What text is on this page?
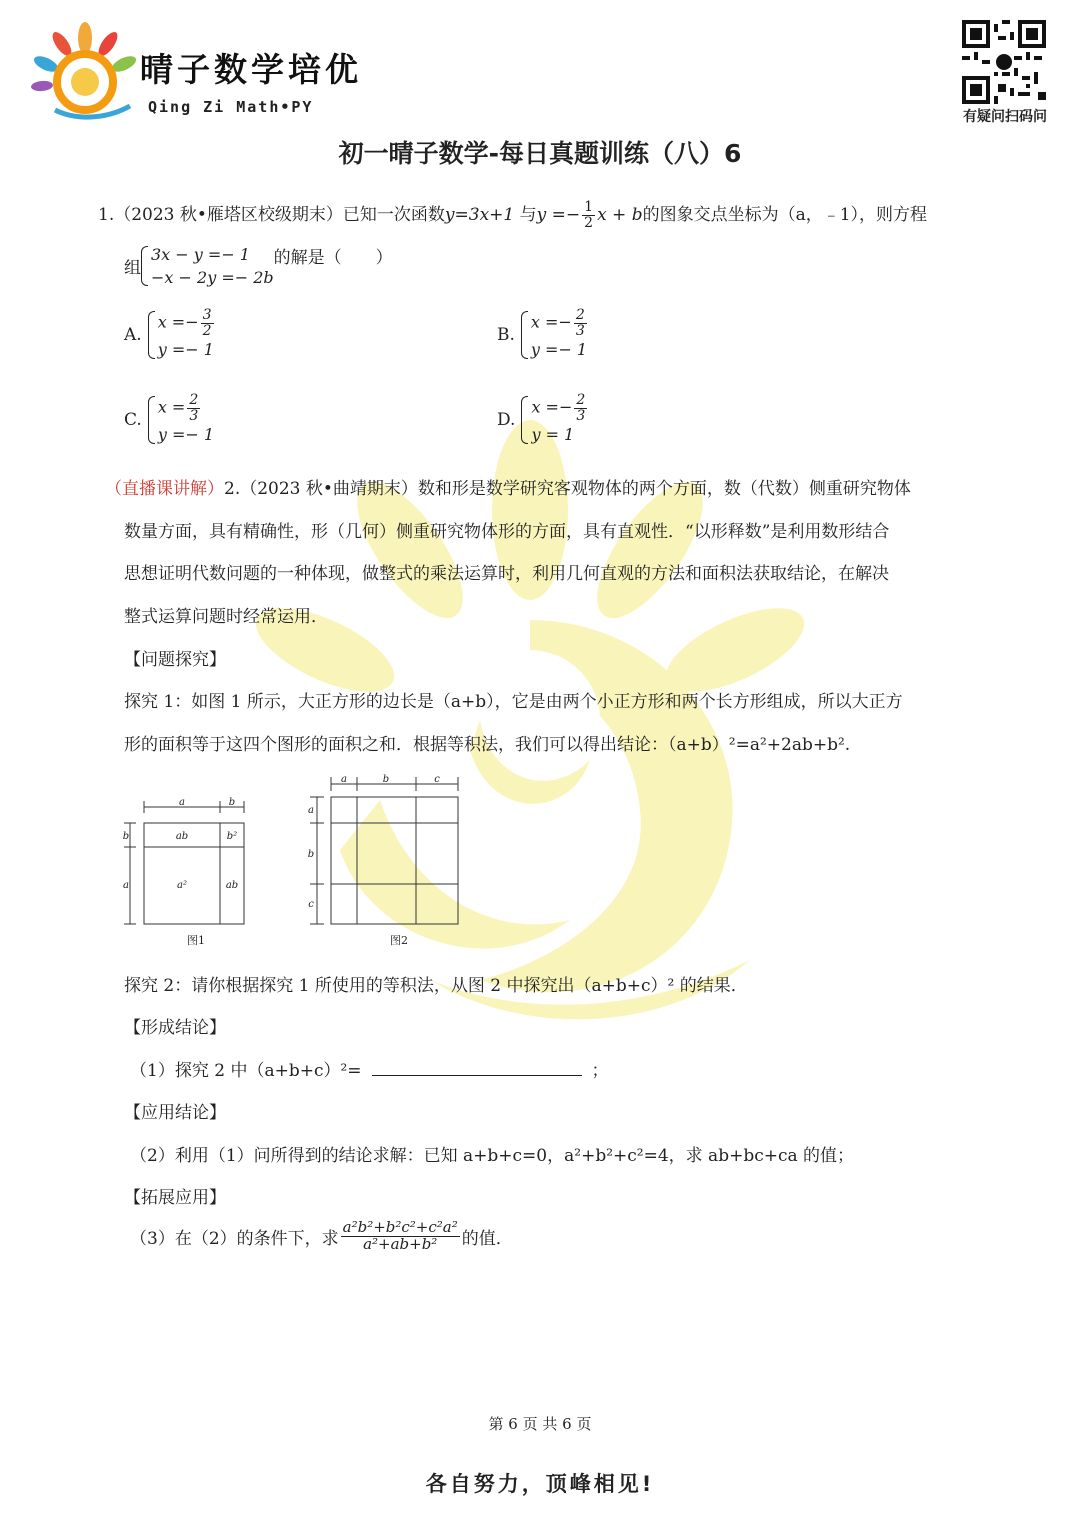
晴子数学培优
Qing Zi Math•PY
有疑问扫码问
初一晴子数学-每日真题训练（八）6
1.（2023 秋•雁塔区校级期末）已知一次函数y=3x+1 与$y =- \frac{1}{2}$ x + b的图象交点坐标为（a，﹣1），则方程
组
3x − y =− 1
−x − 2y =− 2b
的解是（　　）
A.
$x =- \frac{3}{2}$
y =− 1
B.
$x =- \frac{2}{3}$
y =− 1
C.
$x = \frac{2}{3}$
y =− 1
D.
$x =- \frac{2}{3}$
y = 1
（直播课讲解）2.（2023 秋•曲靖期末）数和形是数学研究客观物体的两个方面，数（代数）侧重研究物体
数量方面，具有精确性，形（几何）侧重研究物体形的方面，具有直观性．“以形释数”是利用数形结合
思想证明代数问题的一种体现，做整式的乘法运算时，利用几何直观的方法和面积法获取结论，在解决
整式运算问题时经常运用．
【问题探究】
探究 1：如图 1 所示，大正方形的边长是（a+b），它是由两个小正方形和两个长方形组成，所以大正方
形的面积等于这四个图形的面积之和．根据等积法，我们可以得出结论：（a+b）²=a²+2ab+b².
a	b
b
a
ab	b²
a²	ab
图1
a	b	c
a
b
c
图2
探究 2：请你根据探究 1 所使用的等积法，从图 2 中探究出（a+b+c）² 的结果．
【形成结论】
（1）探究 2 中（a+b+c）²=	；
【应用结论】
（2）利用（1）问所得到的结论求解：已知 a+b+c=0，a²+b²+c²=4，求 ab+bc+ca 的值；
【拓展应用】
（3）在（2）的条件下，求 $\frac{\text{a²b²+b²c²+c²a²}}{\text{a²+ab+b²}}$ 的值．
第 6 页 共 6 页
各自努力，顶峰相见!
